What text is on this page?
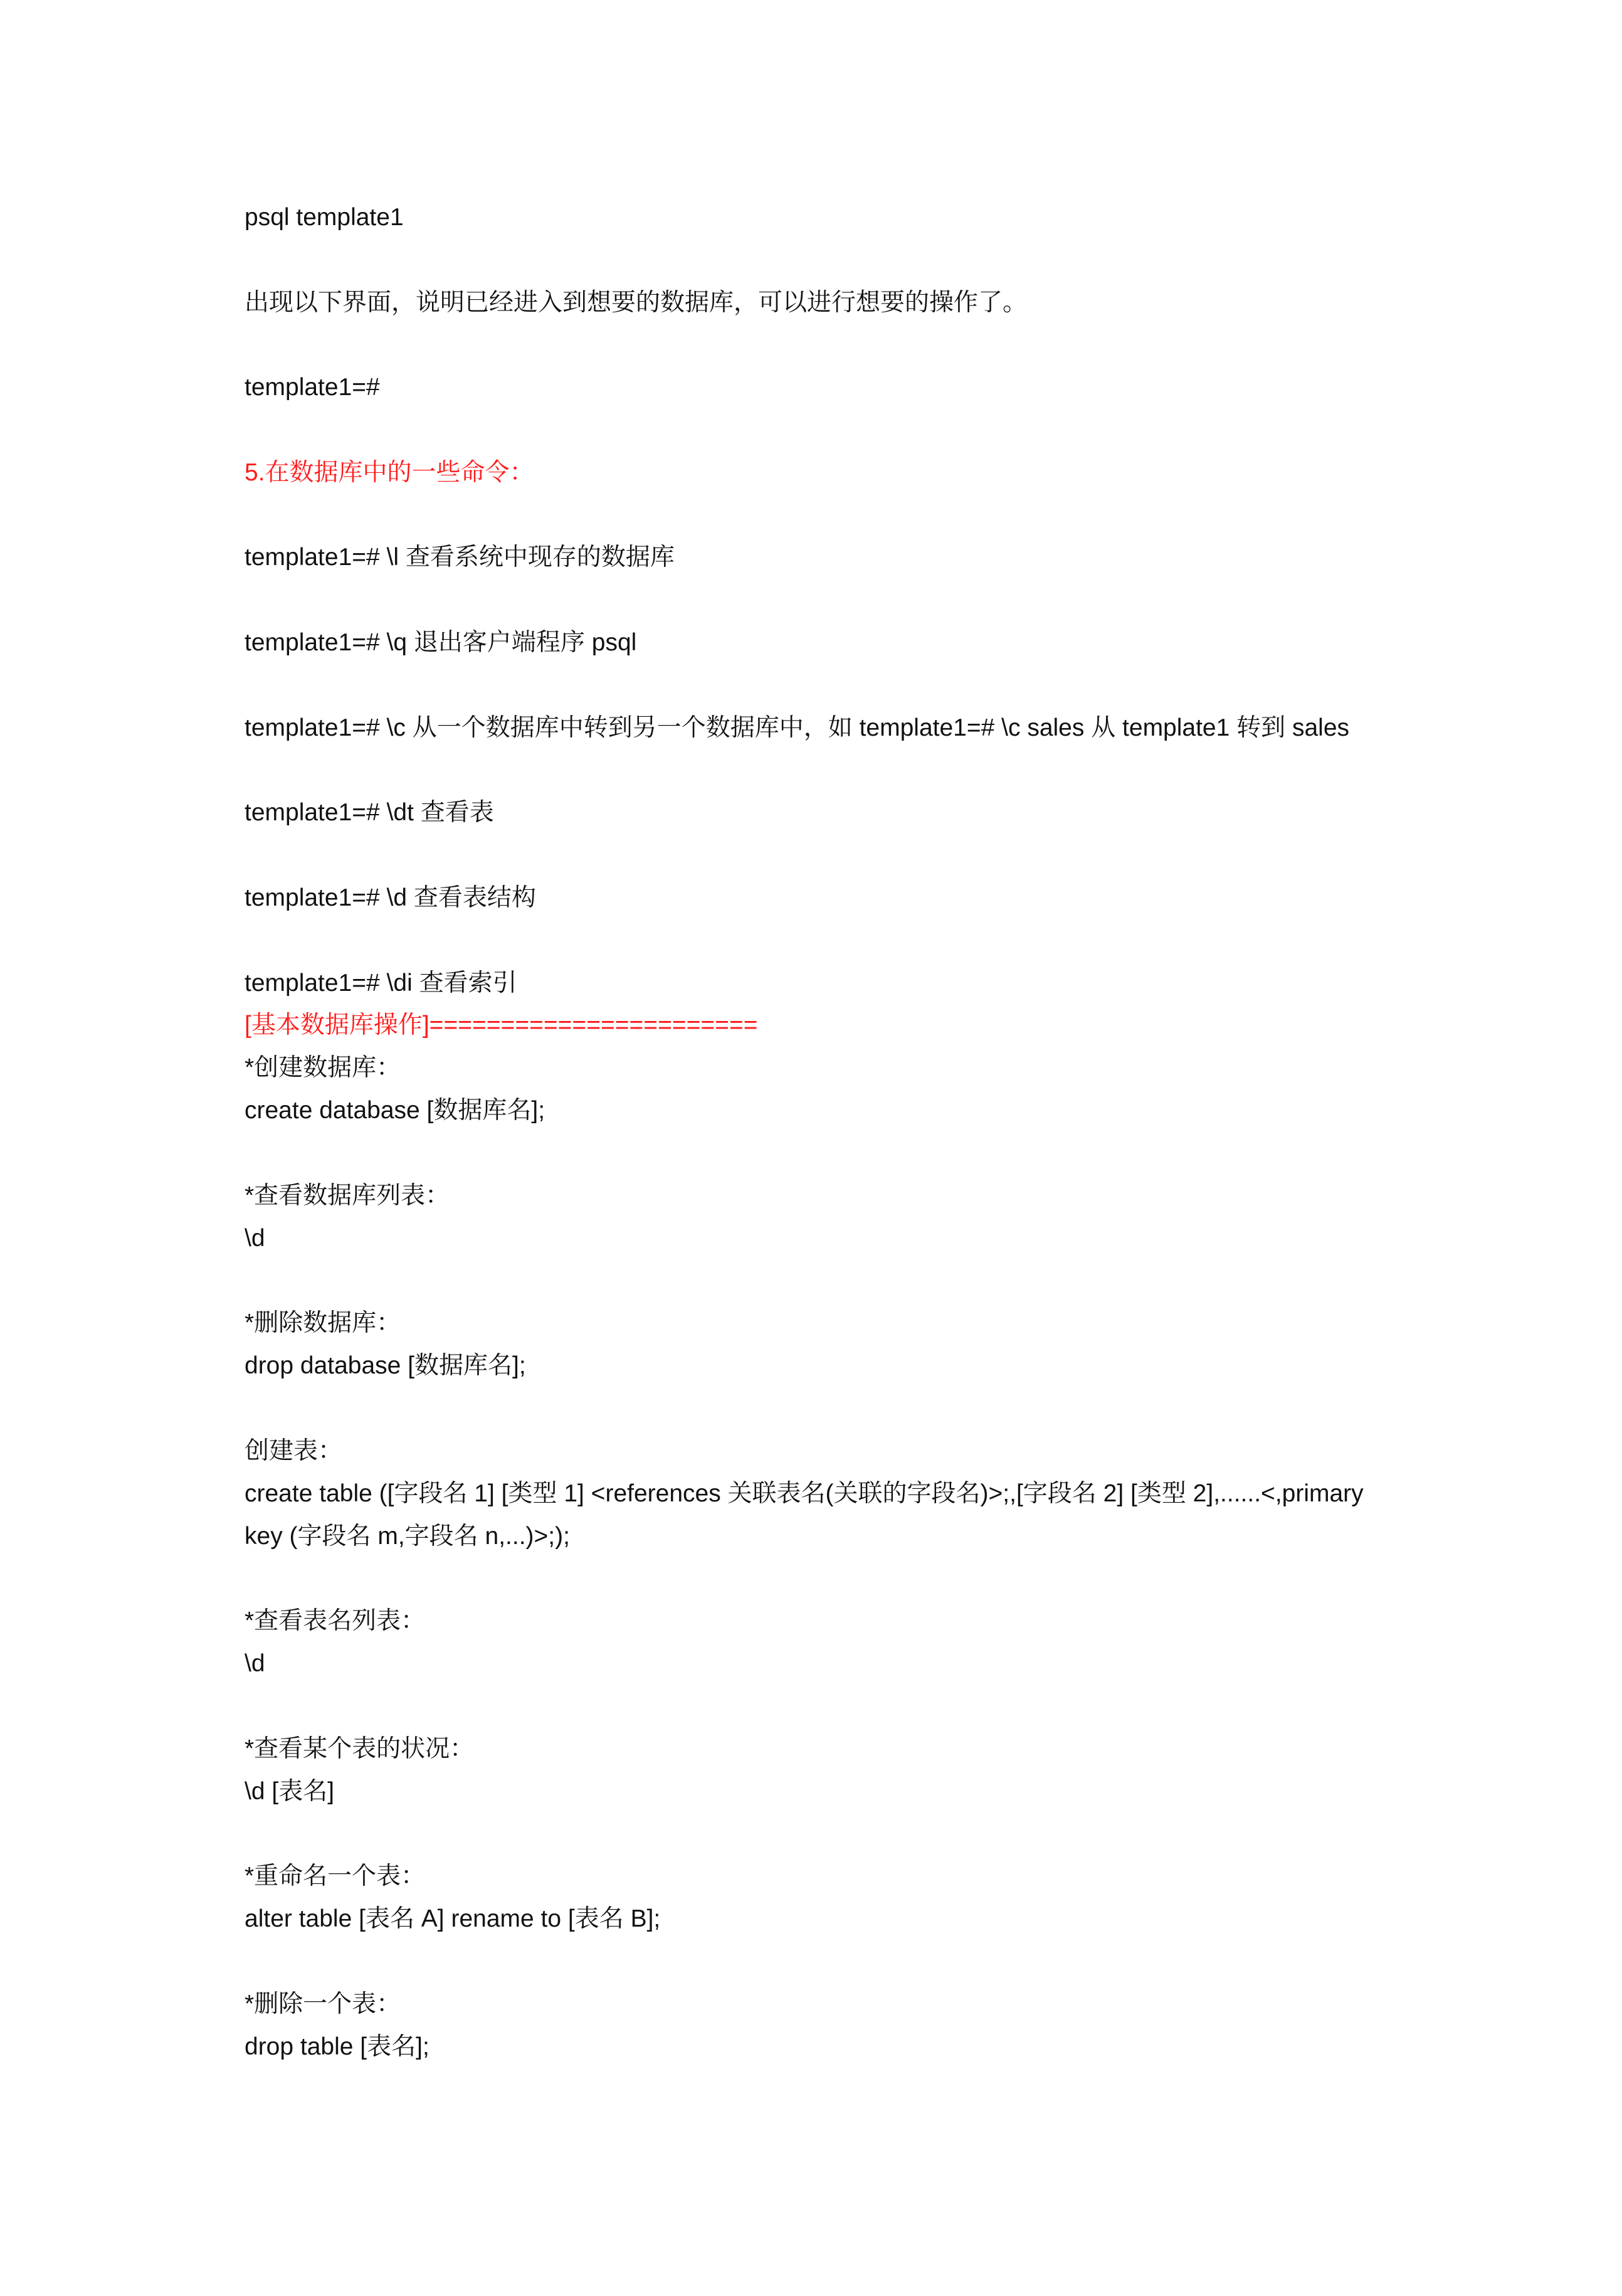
psql template1
出现以下界面，说明已经进入到想要的数据库，可以进行想要的操作了。
template1=#
5.在数据库中的一些命令：
template1=# \l 查看系统中现存的数据库
template1=# \q 退出客户端程序 psql
template1=# \c 从一个数据库中转到另一个数据库中，如 template1=# \c sales 从 template1 转到 sales
template1=# \dt 查看表
template1=# \d 查看表结构
template1=# \di 查看索引
[基本数据库操作]=======================
*创建数据库：
create database [数据库名];
*查看数据库列表：
\d
*删除数据库：
drop database [数据库名];
创建表：
create table ([字段名 1] [类型 1] <references 关联表名(关联的字段名)>;,[字段名 2] [类型 2],......<,primary
key (字段名 m,字段名 n,...)>;);
*查看表名列表：
\d
*查看某个表的状况：
\d [表名]
*重命名一个表：
alter table [表名 A] rename to [表名 B];
*删除一个表：
drop table [表名];
